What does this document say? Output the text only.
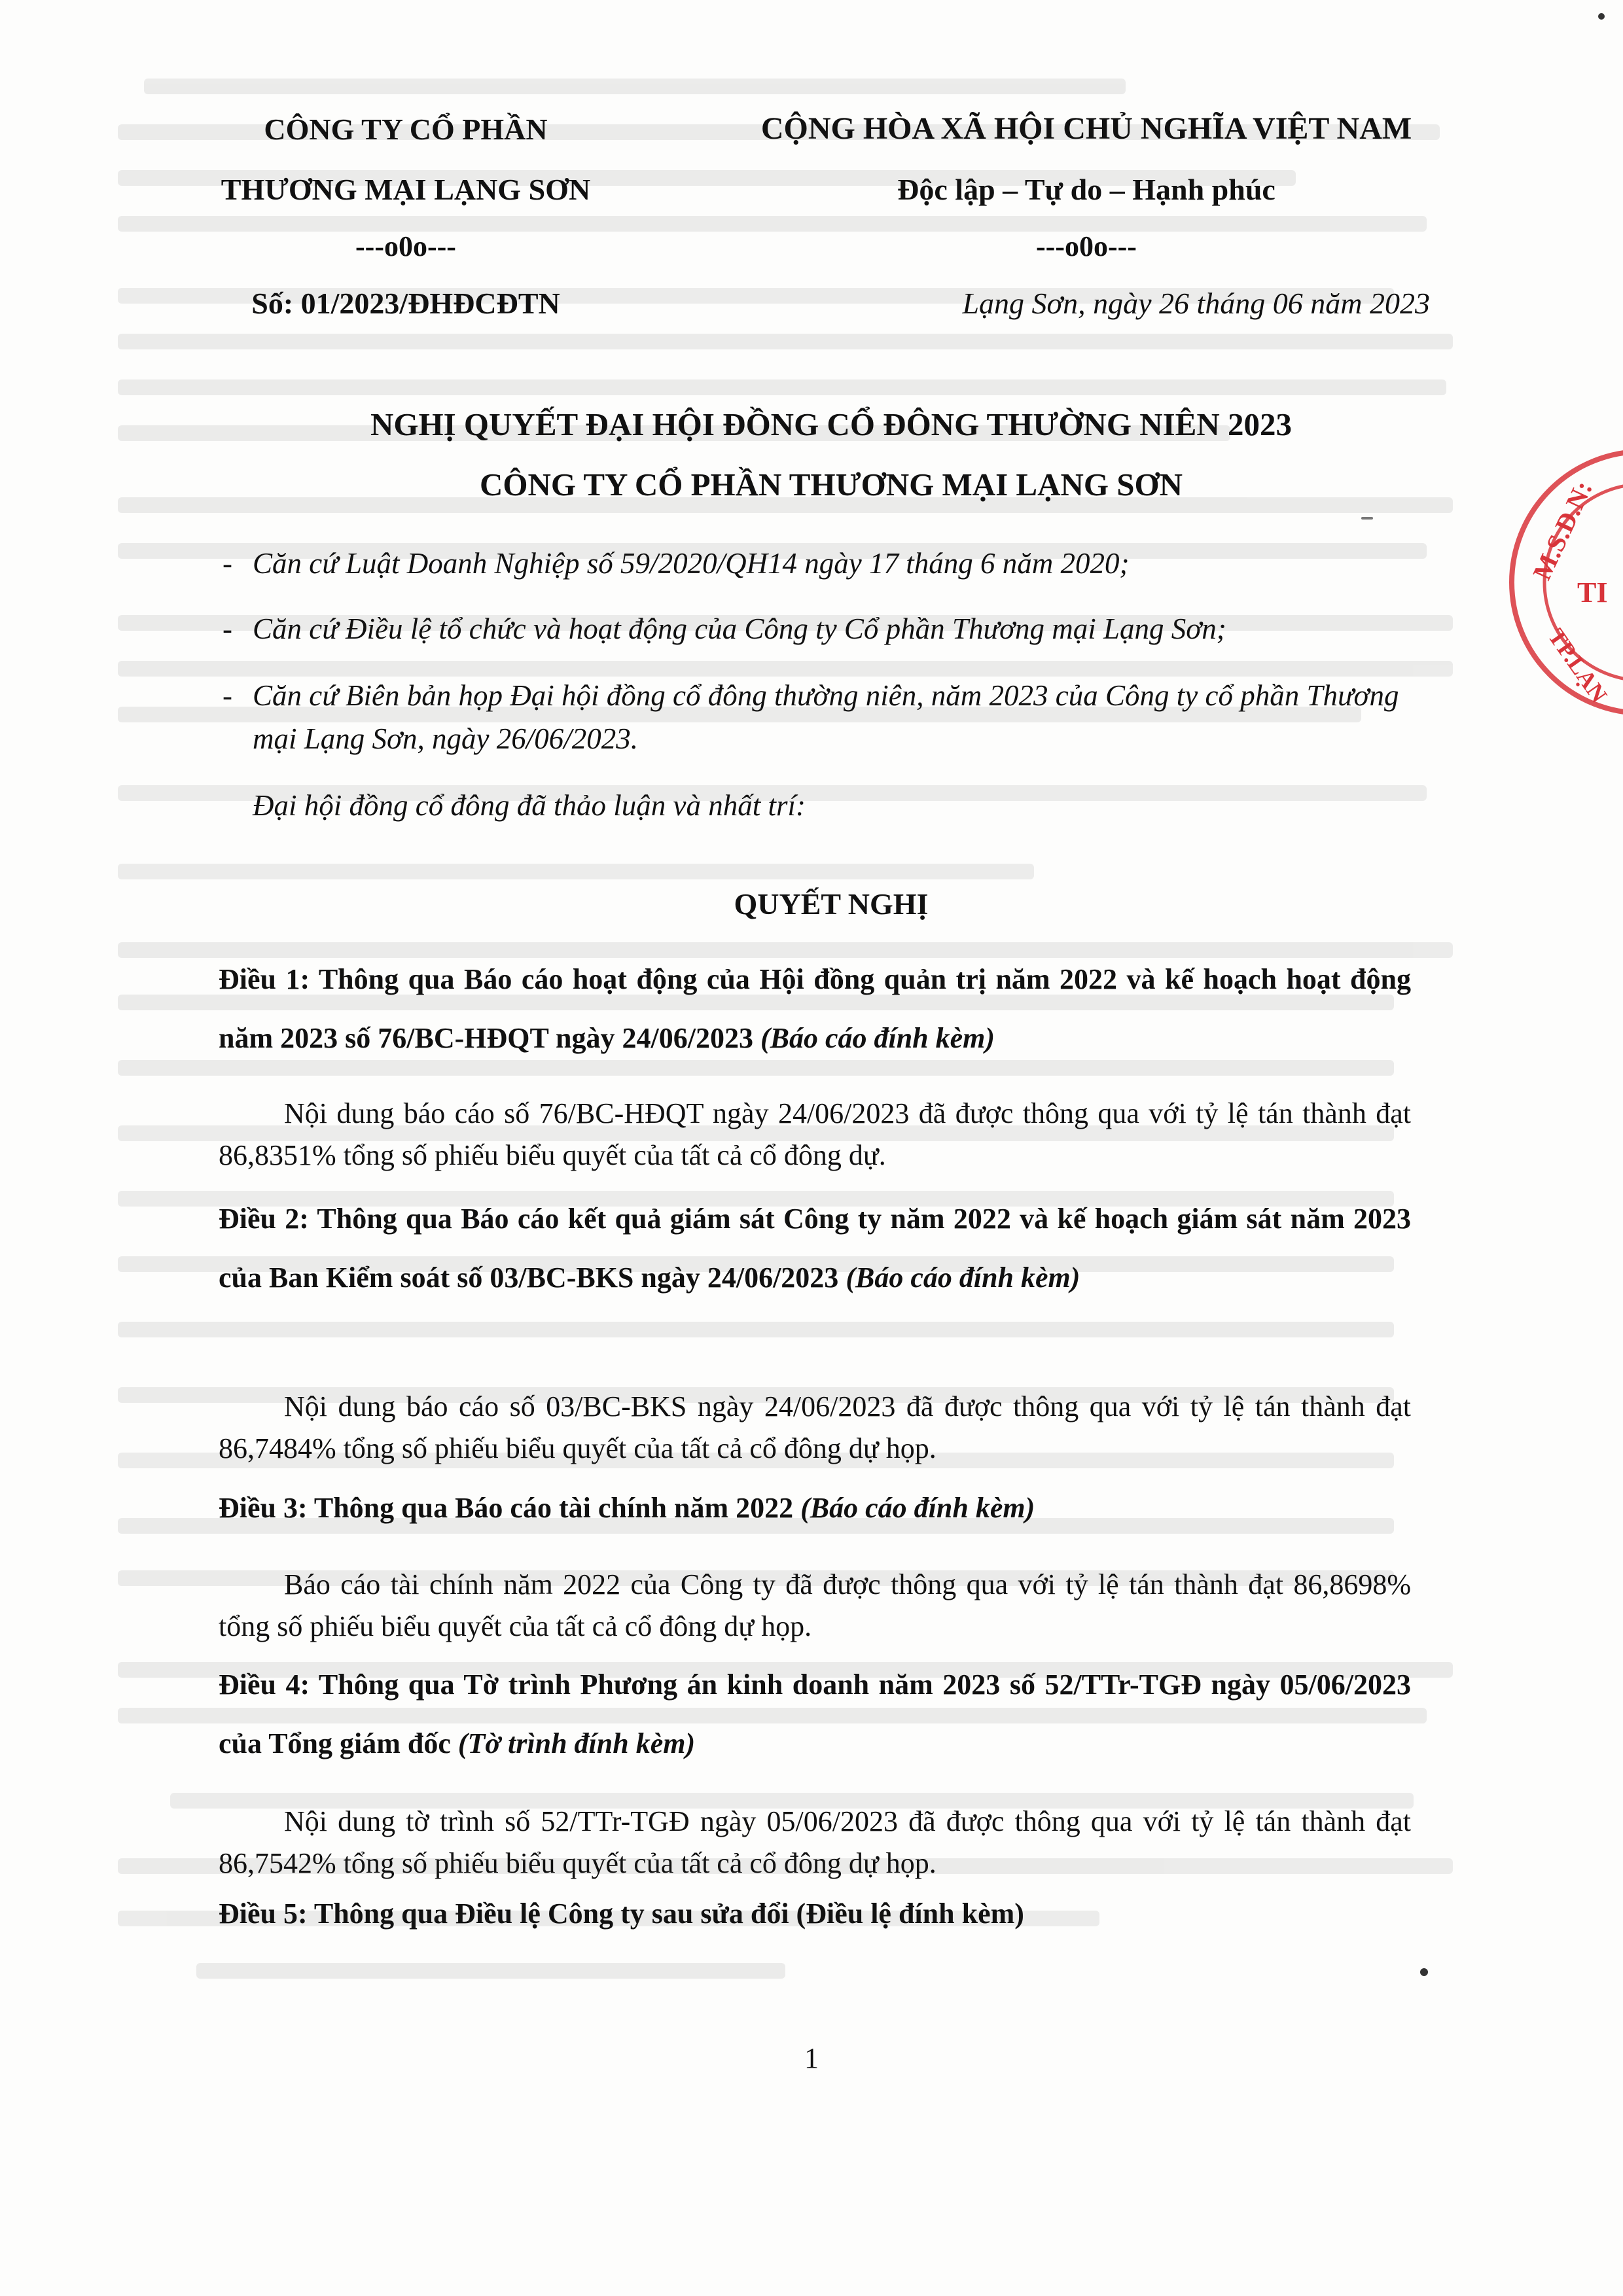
CÔNG TY CỔ PHẦN
THƯƠNG MẠI LẠNG SƠN
---o0o---
Số: 01/2023/ĐHĐCĐTN
CỘNG HÒA XÃ HỘI CHỦ NGHĨA VIỆT NAM
Độc lập – Tự do – Hạnh phúc
---o0o---
Lạng Sơn, ngày 26 tháng 06 năm 2023
NGHỊ QUYẾT ĐẠI HỘI ĐỒNG CỔ ĐÔNG THƯỜNG NIÊN 2023
CÔNG TY CỔ PHẦN THƯƠNG MẠI LẠNG SƠN
- Căn cứ Luật Doanh Nghiệp số 59/2020/QH14 ngày 17 tháng 6 năm 2020;
- Căn cứ Điều lệ tổ chức và hoạt động của Công ty Cổ phần Thương mại Lạng Sơn;
- Căn cứ Biên bản họp Đại hội đồng cổ đông thường niên, năm 2023 của Công ty cổ phần Thương mại Lạng Sơn, ngày 26/06/2023.
Đại hội đồng cổ đông đã thảo luận và nhất trí:
QUYẾT NGHỊ
Điều 1: Thông qua Báo cáo hoạt động của Hội đồng quản trị năm 2022 và kế hoạch hoạt động năm 2023 số 76/BC-HĐQT ngày 24/06/2023 (Báo cáo đính kèm)
Nội dung báo cáo số 76/BC-HĐQT ngày 24/06/2023 đã được thông qua với tỷ lệ tán thành đạt 86,8351% tổng số phiếu biểu quyết của tất cả cổ đông dự.
Điều 2: Thông qua Báo cáo kết quả giám sát Công ty năm 2022 và kế hoạch giám sát năm 2023 của Ban Kiểm soát số 03/BC-BKS ngày 24/06/2023 (Báo cáo đính kèm)
Nội dung báo cáo số 03/BC-BKS ngày 24/06/2023 đã được thông qua với tỷ lệ tán thành đạt 86,7484% tổng số phiếu biểu quyết của tất cả cổ đông dự họp.
Điều 3: Thông qua Báo cáo tài chính năm 2022 (Báo cáo đính kèm)
Báo cáo tài chính năm 2022 của Công ty đã được thông qua với tỷ lệ tán thành đạt 86,8698% tổng số phiếu biểu quyết của tất cả cổ đông dự họp.
Điều 4: Thông qua Tờ trình Phương án kinh doanh năm 2023 số 52/TTr-TGĐ ngày 05/06/2023 của Tổng giám đốc (Tờ trình đính kèm)
Nội dung tờ trình số 52/TTr-TGĐ ngày 05/06/2023 đã được thông qua với tỷ lệ tán thành đạt 86,7542% tổng số phiếu biểu quyết của tất cả cổ đông dự họp.
Điều 5: Thông qua Điều lệ Công ty sau sửa đổi (Điều lệ đính kèm)
1
M.S.D.N:
TI
TP.LẠN
